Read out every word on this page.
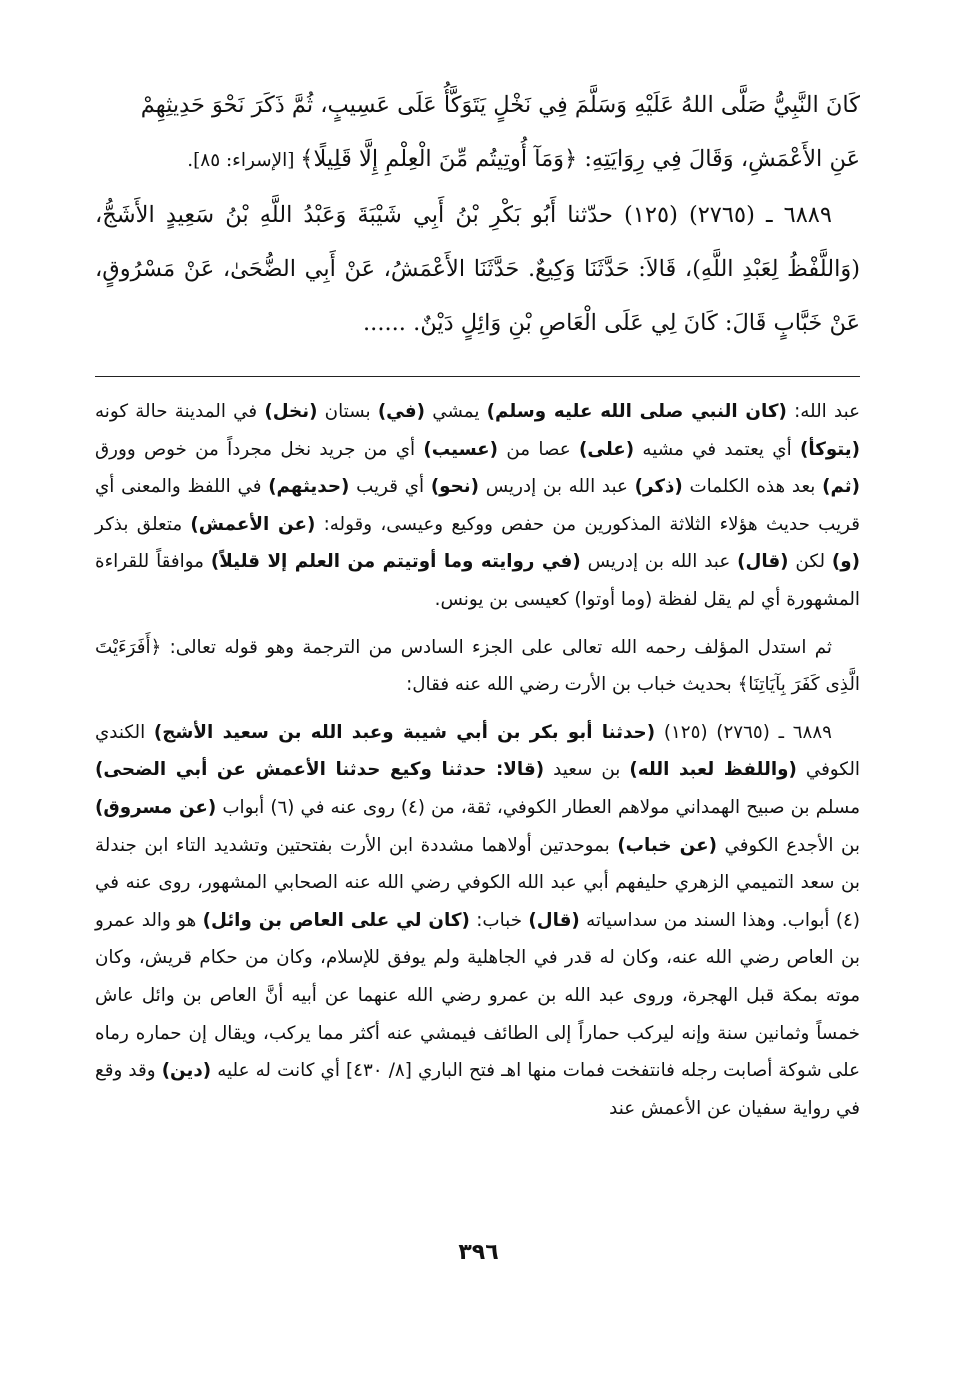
كَانَ النَّبِيُّ صَلَّى اللهُ عَلَيْهِ وَسَلَّمَ فِي نَخْلٍ يَتَوَكَّأُ عَلَى عَسِيبٍ، ثُمَّ ذَكَرَ نَحْوَ حَدِيثِهِمْ

عَنِ الأَعْمَشِ، وَقَالَ فِي رِوَايَتِهِ: ﴿وَمَآ أُوتِيتُم مِّنَ الْعِلْمِ إِلَّا قَلِيلًا﴾ [الإسراء: ٨٥].

٦٨٨٩ ـ (٢٧٦٥) (١٢٥) حدّثنا أَبُو بَكْرِ بْنُ أَبِي شَيْبَةَ وَعَبْدُ اللَّهِ بْنُ سَعِيدٍ الأَشَجُّ، (وَاللَّفْظُ لِعَبْدِ اللَّهِ)، قَالاَ: حَدَّثَنَا وَكِيعٌ. حَدَّثَنَا الأَعْمَشُ، عَنْ أَبِي الضُّحَىٰ، عَنْ مَسْرُوقٍ، عَنْ خَبَّابٍ قَالَ: كَانَ لِي عَلَى الْعَاصِ بْنِ وَائِلٍ دَيْنٌ. ......

عبد الله: (كان النبي صلى الله عليه وسلم) يمشي (في) بستان (نخل) في المدينة حالة كونه (يتوكأ) أي يعتمد في مشيه (على) عصا من (عسيب) أي من جريد نخل مجرداً من خوص وورق (ثم) بعد هذه الكلمات (ذكر) عبد الله بن إدريس (نحو) أي قريب (حديثهم) في اللفظ والمعنى أي قريب حديث هؤلاء الثلاثة المذكورين من حفص ووكيع وعيسى، وقوله: (عن الأعمش) متعلق بذكر (و) لكن (قال) عبد الله بن إدريس (في روايته وما أوتيتم من العلم إلا قليلاً) موافقاً للقراءة المشهورة أي لم يقل لفظة (وما أوتوا) كعيسى بن يونس.

ثم استدل المؤلف رحمه الله تعالى على الجزء السادس من الترجمة وهو قوله تعالى: ﴿أَفَرَءَيْتَ الَّذِى كَفَرَ بِآيَاتِنَا﴾ بحديث خباب بن الأرت رضي الله عنه فقال:

٦٨٨٩ ـ (٢٧٦٥) (١٢٥) (حدثنا أبو بكر بن أبي شيبة وعبد الله بن سعيد الأشج) الكندي الكوفي (واللفظ لعبد الله) بن سعيد (قالا: حدثنا وكيع حدثنا الأعمش عن أبي الضحى) مسلم بن صبيح الهمداني مولاهم العطار الكوفي، ثقة، من (٤) روى عنه في (٦) أبواب (عن مسروق) بن الأجدع الكوفي (عن خباب) بموحدتين أولاهما مشددة ابن الأرت بفتحتين وتشديد التاء ابن جندلة بن سعد التميمي الزهري حليفهم أبي عبد الله الكوفي رضي الله عنه الصحابي المشهور، روى عنه في (٤) أبواب. وهذا السند من سداسياته (قال) خباب: (كان لي على العاص بن وائل) هو والد عمرو بن العاص رضي الله عنه، وكان له قدر في الجاهلية ولم يوفق للإسلام، وكان من حكام قريش، وكان موته بمكة قبل الهجرة، وروى عبد الله بن عمرو رضي الله عنهما عن أبيه أنَّ العاص بن وائل عاش خمساً وثمانين سنة وإنه ليركب حماراً إلى الطائف فيمشي عنه أكثر مما يركب، ويقال إن حماره رماه على شوكة أصابت رجله فانتفخت فمات منها اهـ فتح الباري [٨/ ٤٣٠] أي كانت له عليه (دين) وقد وقع في رواية سفيان عن الأعمش عند

٣٩٦
